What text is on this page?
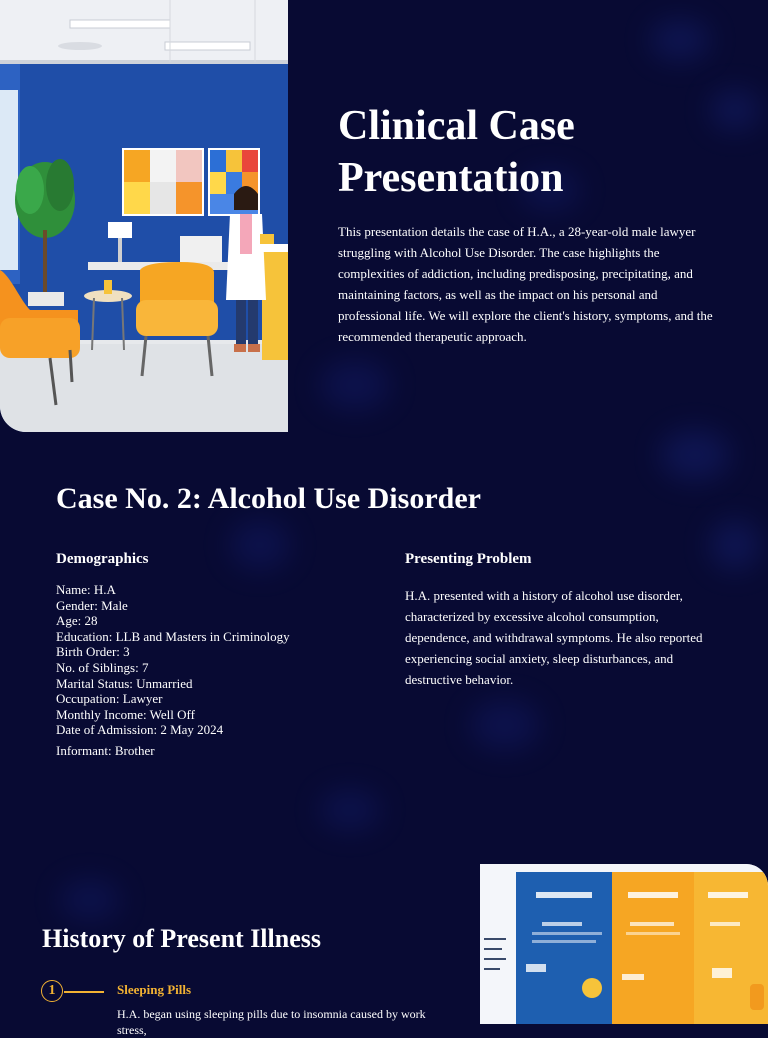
Clinical Case Presentation

This presentation details the case of H.A., a 28-year-old male lawyer struggling with Alcohol Use Disorder. The case highlights the complexities of addiction, including predisposing, precipitating, and maintaining factors, as well as the impact on his personal and professional life. We will explore the client's history, symptoms, and the recommended therapeutic approach.

Case No. 2: Alcohol Use Disorder
Demographics
Name: H.A
Gender: Male
Age: 28
Education: LLB and Masters in Criminology
Birth Order: 3
No. of Siblings: 7
Marital Status: Unmarried
Occupation: Lawyer
Monthly Income: Well Off
Date of Admission: 2 May 2024
Informant: Brother
Presenting Problem

H.A. presented with a history of alcohol use disorder, characterized by excessive alcohol consumption, dependence, and withdrawal symptoms. He also reported experiencing social anxiety, sleep disturbances, and destructive behavior.

History of Present Illness
1	Sleeping Pills

H.A. began using sleeping pills due to insomnia caused by work stress,
